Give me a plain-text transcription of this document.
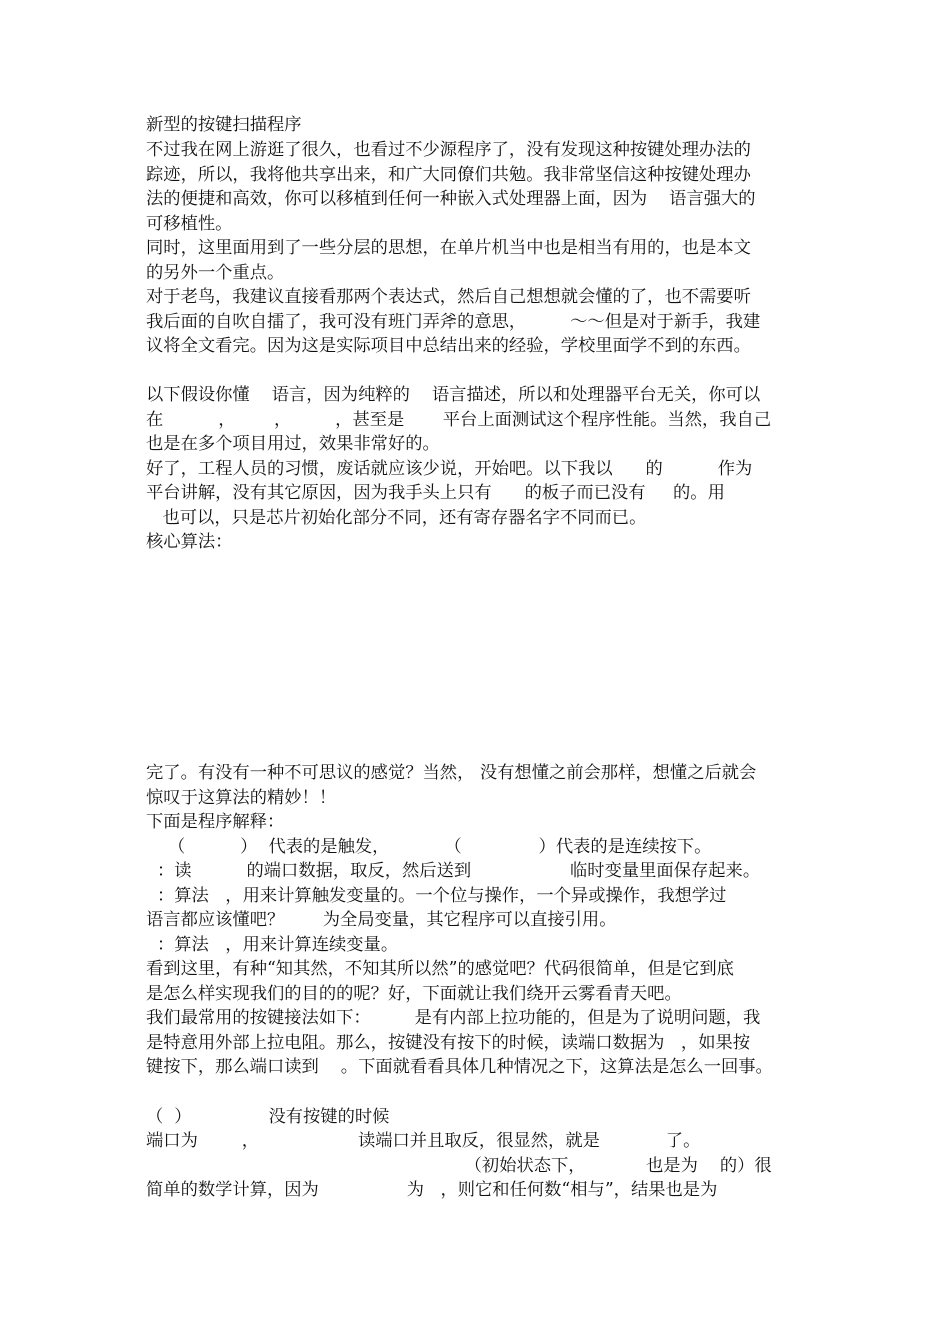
新型的按键扫描程序
不过我在网上游逛了很久，也看过不少源程序了，没有发现这种按键处理办法的
踪迹，所以，我将他共享出来，和广大同僚们共勉。我非常坚信这种按键处理办
法的便捷和高效，你可以移植到任何一种嵌入式处理器上面，因为    语言强大的
可移植性。
同时，这里面用到了一些分层的思想，在单片机当中也是相当有用的，也是本文
的另外一个重点。
对于老鸟，我建议直接看那两个表达式，然后自己想想就会懂的了，也不需要听
我后面的自吹自擂了，我可没有班门弄斧的意思，        ～～但是对于新手，我建
议将全文看完。因为这是实际项目中总结出来的经验，学校里面学不到的东西。
以下假设你懂    语言，因为纯粹的    语言描述，所以和处理器平台无关，你可以
在          ，       ，        ，甚至是       平台上面测试这个程序性能。当然，我自己
也是在多个项目用过，效果非常好的。
好了，工程人员的习惯，废话就应该少说，开始吧。以下我以      的          作为
平台讲解，没有其它原因，因为我手头上只有      的板子而已没有     的。用
也可以，只是芯片初始化部分不同，还有寄存器名字不同而已。
核心算法：
完了。有没有一种不可思议的感觉？当然， 没有想懂之前会那样，想懂之后就会
惊叹于这算法的精妙！！
下面是程序解释：
（          ）  代表的是触发，          （              ）代表的是连续按下。
：读          的端口数据，取反，然后送到                  临时变量里面保存起来。
：算法   ，用来计算触发变量的。一个位与操作，一个异或操作，我想学过
语言都应该懂吧？       为全局变量，其它程序可以直接引用。
：算法   ，用来计算连续变量。
看到这里，有种“知其然，不知其所以然”的感觉吧？代码很简单，但是它到底
是怎么样实现我们的目的的呢？好，下面就让我们绕开云雾看青天吧。
我们最常用的按键接法如下：        是有内部上拉功能的，但是为了说明问题，我
是特意用外部上拉电阻。那么，按键没有按下的时候，读端口数据为   ，如果按
键按下，那么端口读到    。下面就看看具体几种情况之下，这算法是怎么一回事。
（  ）              没有按键的时候
端口为        ，                  读端口并且取反，很显然，就是            了。
（初始状态下，           也是为    的）很
简单的数学计算，因为                为   ，则它和任何数“相与”，结果也是为
